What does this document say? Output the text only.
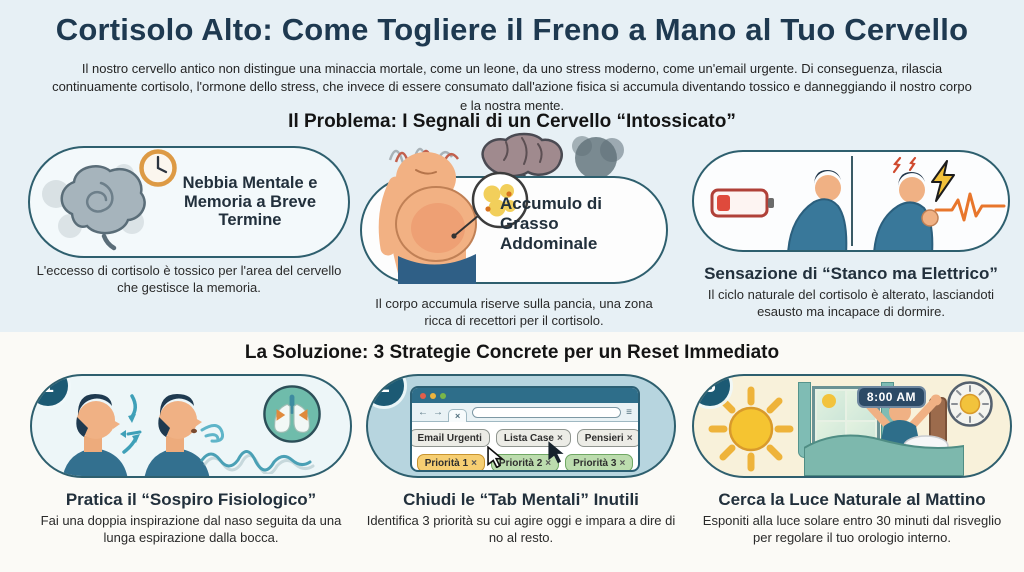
Cortisolo Alto: Come Togliere il Freno a Mano al Tuo Cervello

Il nostro cervello antico non distingue una minaccia mortale, come un leone, da uno stress moderno, come un'email urgente. Di conseguenza, rilascia continuamente cortisolo, l'ormone dello stress, che invece di essere consumato dall'azione fisica si accumula diventando tossico e danneggiando il nostro corpo e la nostra mente.

Il Problema: I Segnali di un Cervello “Intossicato”
Nebbia Mentale e Memoria a Breve Termine

L'eccesso di cortisolo è tossico per l'area del cervello che gestisce la memoria.

Accumulo di Grasso Addominale

Il corpo accumula riserve sulla pancia, una zona ricca di recettori per il cortisolo.

Sensazione di “Stanco ma Elettrico”

Il ciclo naturale del cortisolo è alterato, lasciandoti esausto ma incapace di dormire.

La Soluzione: 3 Strategie Concrete per un Reset Immediato
1
Pratica il “Sospiro Fisiologico”

Fai una doppia inspirazione dal naso seguita da una lunga espirazione dalla bocca.

2
← →	×	≡
Email Urgenti Lista Case × Pensieri ×
Priorità 1 × Priorità 2 × Priorità 3 ×
Chiudi le “Tab Mentali” Inutili

Identifica 3 priorità su cui agire oggi e impara a dire di no al resto.

3	8:00 AM
Cerca la Luce Naturale al Mattino

Esponiti alla luce solare entro 30 minuti dal risveglio per regolare il tuo orologio interno.
